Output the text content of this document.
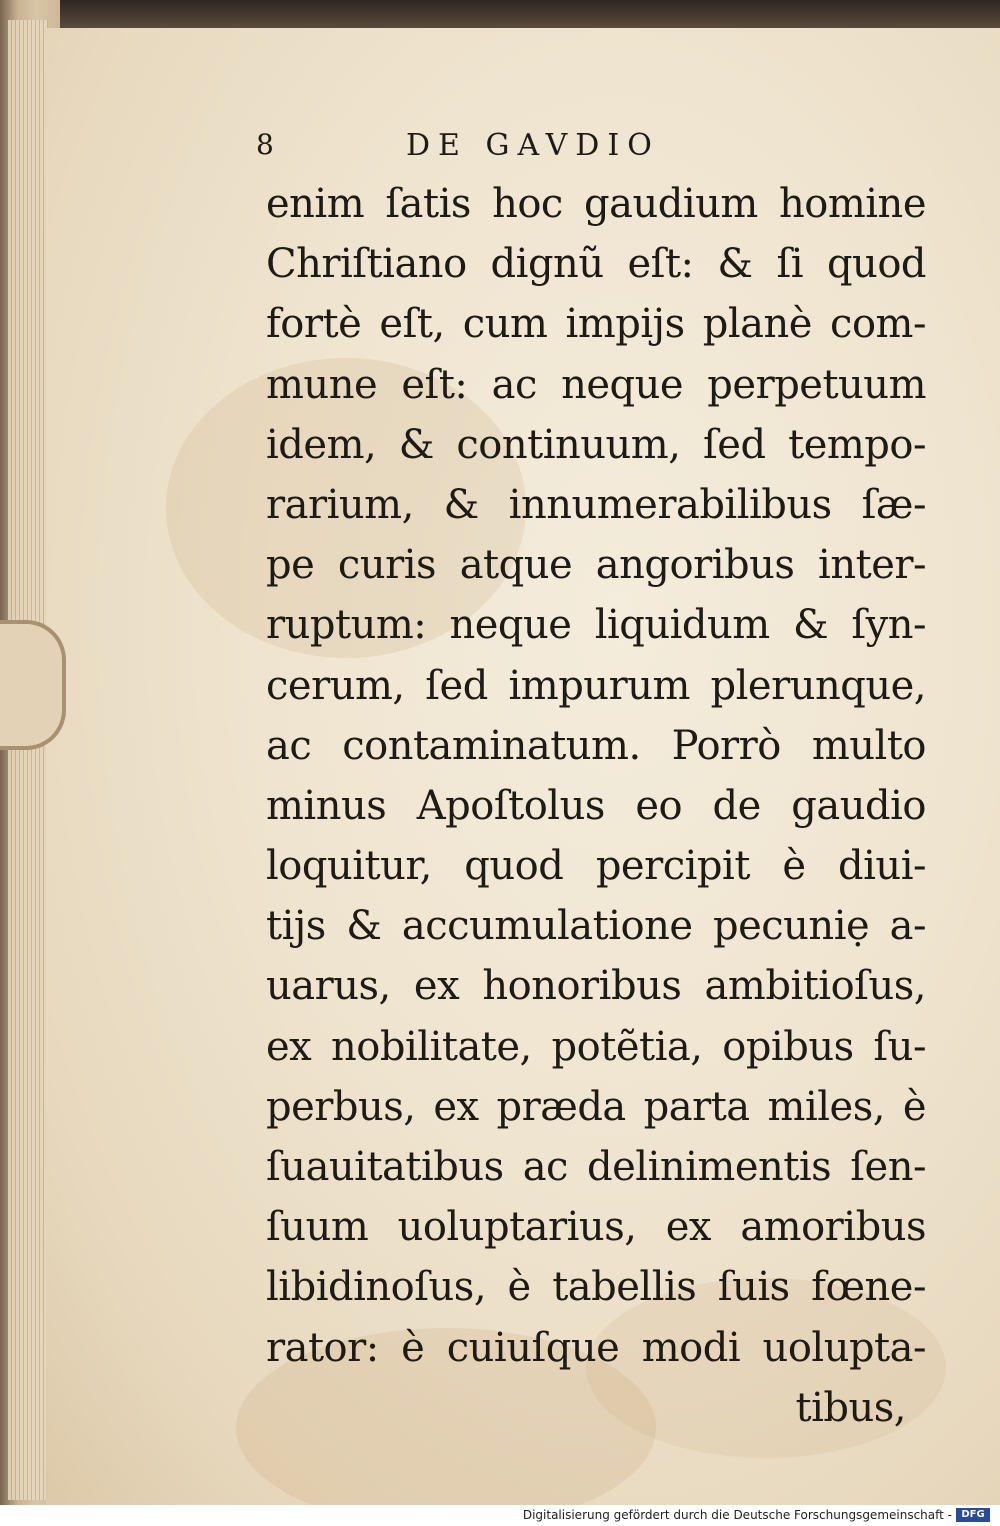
8	DE GAVDIO
enim ſatis hoc gaudium homine
Chriſtiano dignũ eſt: & ſi quod
fortè eſt, cum impijs planè com-
mune eſt: ac neque perpetuum
idem, & continuum, ſed tempo-
rarium, & innumerabilibus ſæ-
pe curis atque angoribus inter-
ruptum: neque liquidum & ſyn-
cerum, ſed impurum plerunque,
ac contaminatum. Porrò multo
minus Apoſtolus eo de gaudio
loquitur, quod percipit è diui-
tijs & accumulatione pecuniẹ a-
uarus, ex honoribus ambitioſus,
ex nobilitate, potẽtia, opibus ſu-
perbus, ex præda parta miles, è
ſuauitatibus ac delinimentis ſen-
ſuum uoluptarius, ex amoribus
libidinoſus, è tabellis ſuis fœne-
rator: è cuiuſque modi uolupta-
tibus,
Digitalisierung gefördert durch die Deutsche Forschungsgemeinschaft - DFG
